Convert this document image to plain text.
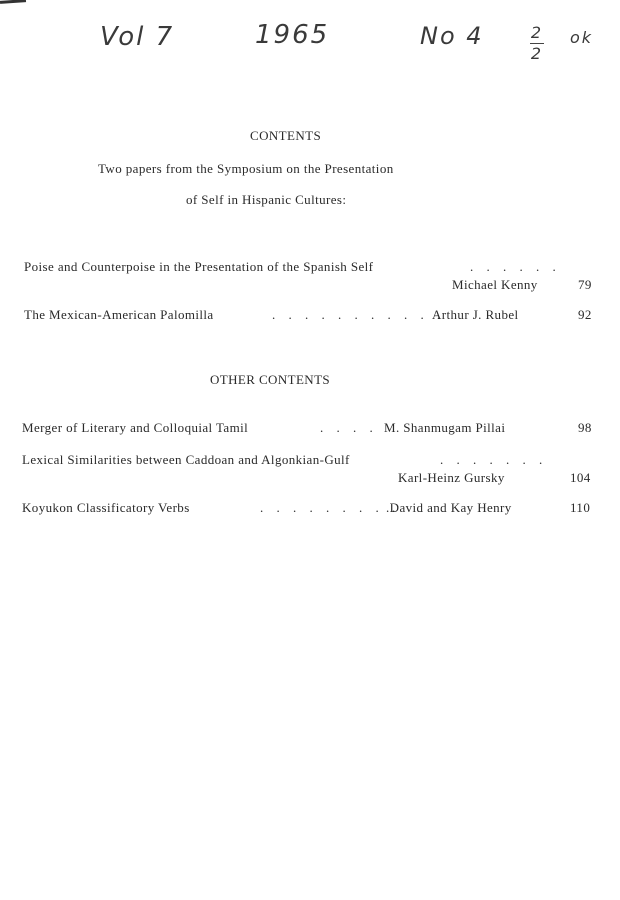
Vol 7	1965	No 4	2
2
ok
CONTENTS
Two papers from the Symposium on the Presentation
of Self in Hispanic Cultures:
Poise and Counterpoise in the Presentation of the Spanish Self	. . . . . .
Michael Kenny	79
The Mexican-American Palomilla	. . . . . . . . . . .
Arthur J. Rubel	92
OTHER CONTENTS
Merger of Literary and Colloquial Tamil	. . . . M. Shanmugam Pillai	98
Lexical Similarities between Caddoan and Algonkian-Gulf	. . . . . . .
Karl-Heinz Gursky	104
Koyukon Classificatory Verbs	. . . . . . . . .
.David and Kay Henry	110
